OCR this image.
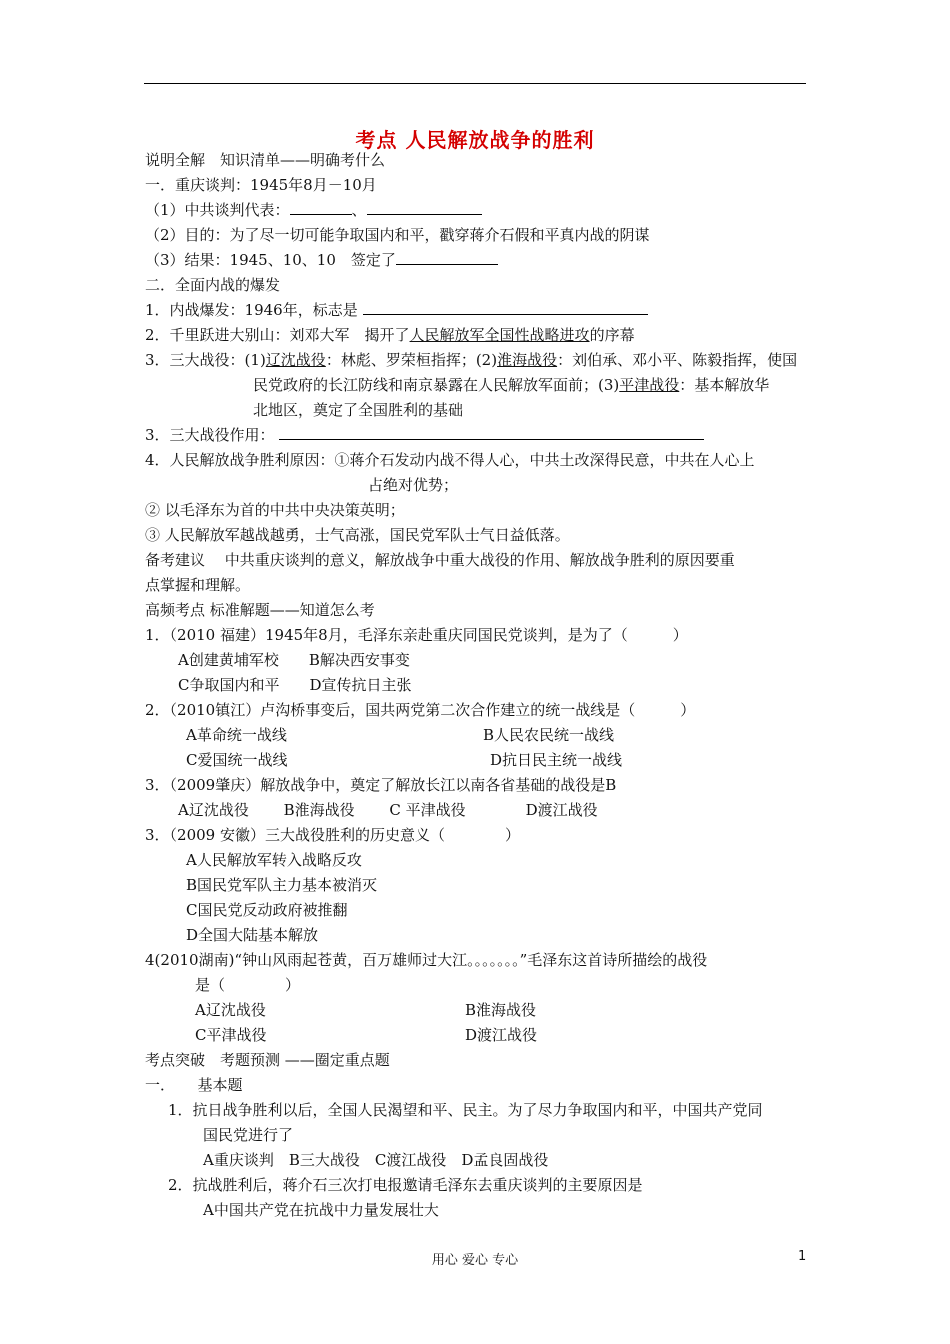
考点 人民解放战争的胜利
说明全解　知识清单——明确考什么
一．重庆谈判：1945年8月－10月
（1）中共谈判代表：	、
（2）目的：为了尽一切可能争取国内和平，戳穿蒋介石假和平真内战的阴谋
（3）结果：1945、10、10　签定了
二．全面内战的爆发
1．内战爆发：1946年，标志是
2．千里跃进大别山：刘邓大军　揭开了人民解放军全国性战略进攻的序幕
3．三大战役：(1)辽沈战役：林彪、罗荣桓指挥；(2)淮海战役：刘伯承、邓小平、陈毅指挥，使国
民党政府的长江防线和南京暴露在人民解放军面前；(3)平津战役：基本解放华
北地区，奠定了全国胜利的基础
3．三大战役作用：
4．人民解放战争胜利原因：①蒋介石发动内战不得人心，中共土改深得民意，中共在人心上
占绝对优势；
② 以毛泽东为首的中共中央决策英明；
③ 人民解放军越战越勇，士气高涨，国民党军队士气日益低落。
备考建议　 中共重庆谈判的意义，解放战争中重大战役的作用、解放战争胜利的原因要重
点掌握和理解。
高频考点 标准解题——知道怎么考
1．（2010 福建）1945年8月，毛泽东亲赴重庆同国民党谈判，是为了（　　　）
A创建黄埔军校　　B解决西安事变
C争取国内和平　　D宣传抗日主张
2．（2010镇江）卢沟桥事变后，国共两党第二次合作建立的统一战线是（　　　）
A革命统一战线	B人民农民统一战线
C爱国统一战线	D抗日民主统一战线
3．（2009肇庆）解放战争中，奠定了解放长江以南各省基础的战役是B
A辽沈战役　　 B淮海战役　　 C 平津战役　　　　D渡江战役
3．（2009 安徽）三大战役胜利的历史意义（　　　　）
A人民解放军转入战略反攻
B国民党军队主力基本被消灭
C国民党反动政府被推翻
D全国大陆基本解放
4(2010湖南)“钟山风雨起苍黄，百万雄师过大江。。。。。。。”毛泽东这首诗所描绘的战役
是（　　　　）
A辽沈战役	B淮海战役
C平津战役	D渡江战役
考点突破　考题预测 ——圈定重点题
一．　　基本题
1．抗日战争胜利以后，全国人民渴望和平、民主。为了尽力争取国内和平，中国共产党同
国民党进行了
A重庆谈判　B三大战役　C渡江战役　D孟良固战役
2．抗战胜利后，蒋介石三次打电报邀请毛泽东去重庆谈判的主要原因是
A中国共产党在抗战中力量发展壮大
用心 爱心 专心	1
